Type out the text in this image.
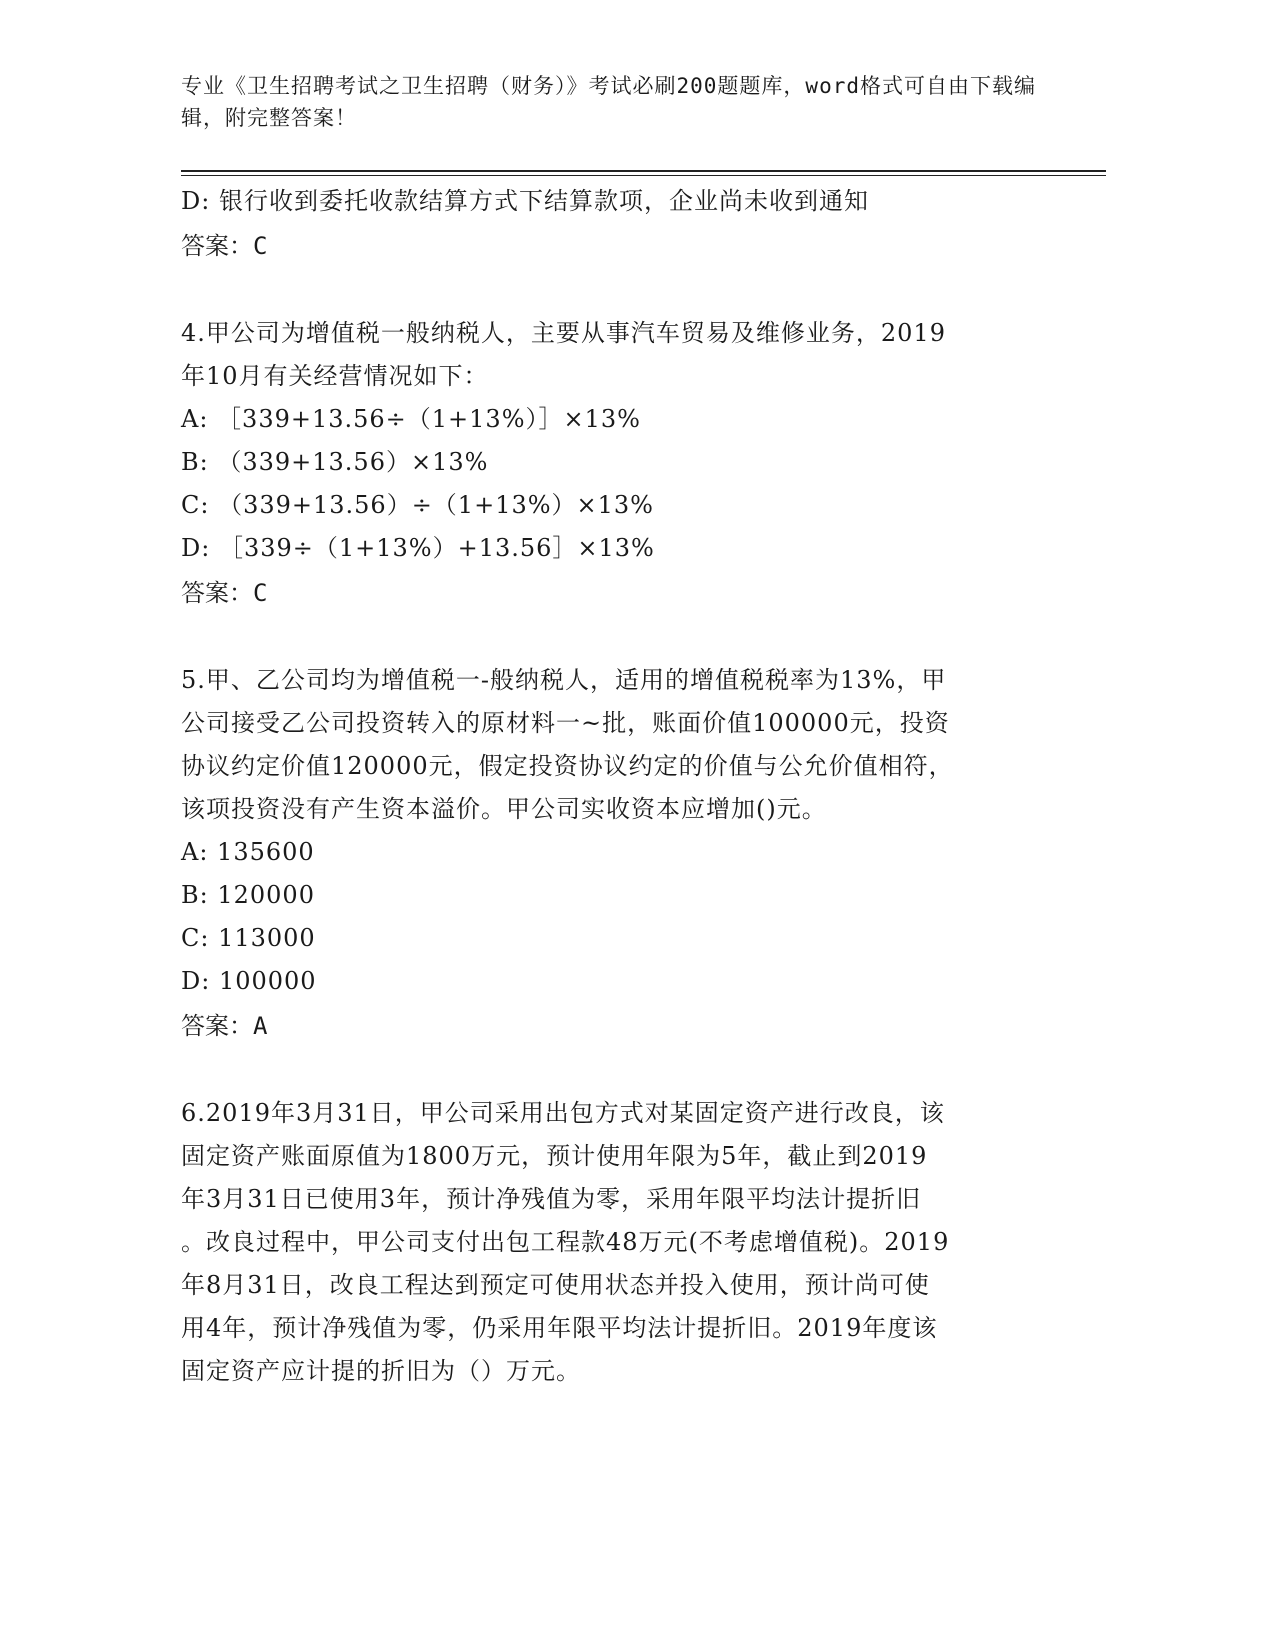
专业《卫生招聘考试之卫生招聘（财务）》考试必刷200题题库，word格式可自由下载编辑，附完整答案！
D: 银行收到委托收款结算方式下结算款项，企业尚未收到通知
答案：C
4.甲公司为增值税一般纳税人，主要从事汽车贸易及维修业务，2019
年10月有关经营情况如下：
A: ［339+13.56÷（1+13%）］×13%
B: （339+13.56）×13%
C: （339+13.56）÷（1+13%）×13%
D: ［339÷（1+13%）+13.56］×13%
答案：C
5.甲、乙公司均为增值税一-般纳税人，适用的增值税税率为13%，甲
公司接受乙公司投资转入的原材料一~批，账面价值100000元，投资
协议约定价值120000元，假定投资协议约定的价值与公允价值相符，
该项投资没有产生资本溢价。甲公司实收资本应增加()元。
A: 135600
B: 120000
C: 113000
D: 100000
答案：A
6.2019年3月31日，甲公司采用出包方式对某固定资产进行改良，该
固定资产账面原值为1800万元，预计使用年限为5年，截止到2019
年3月31日已使用3年，预计净残值为零，采用年限平均法计提折旧
。改良过程中，甲公司支付出包工程款48万元(不考虑增值税)。2019
年8月31日，改良工程达到预定可使用状态并投入使用，预计尚可使
用4年，预计净残值为零，仍采用年限平均法计提折旧。2019年度该
固定资产应计提的折旧为（）万元。
